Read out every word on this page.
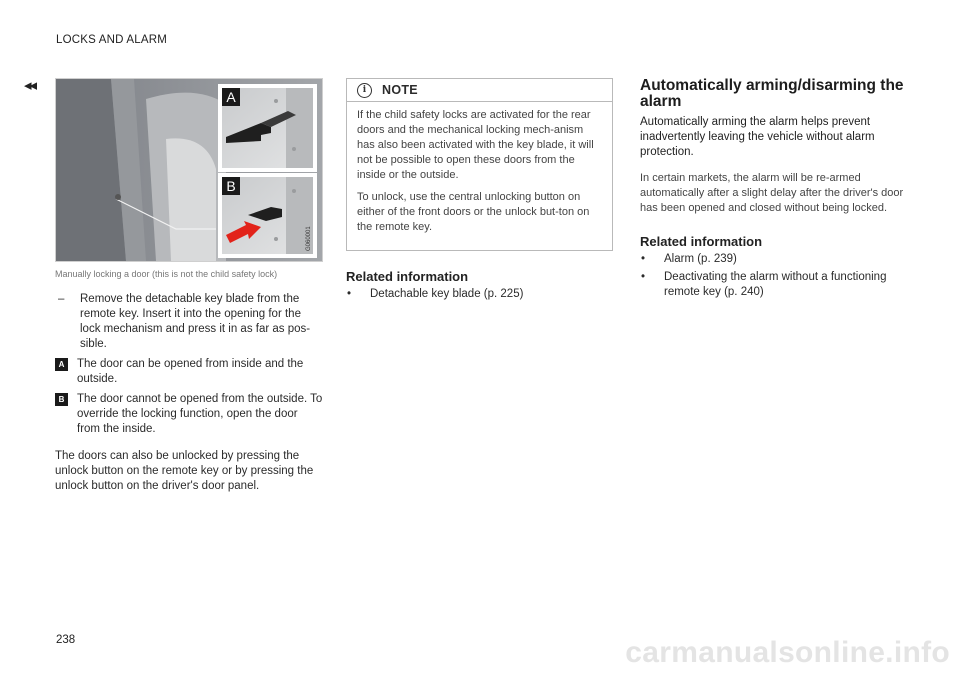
LOCKS AND ALARM
◂◂
A
B
G060001
Manually locking a door (this is not the child safety lock)
–	Remove the detachable key blade from the remote key. Insert it into the opening for the lock mechanism and press it in as far as pos-sible.
A	The door can be opened from inside and the outside.
B	The door cannot be opened from the outside. To override the locking function, open the door from the inside.
The doors can also be unlocked by pressing the unlock button on the remote key or by pressing the unlock button on the driver's door panel.
i	NOTE
If the child safety locks are activated for the rear doors and the mechanical locking mech-anism has also been activated with the key blade, it will not be possible to open these doors from the inside or the outside.
To unlock, use the central unlocking button on either of the front doors or the unlock but-ton on the remote key.
Related information
•	Detachable key blade (p. 225)
Automatically arming/disarming the alarm
Automatically arming the alarm helps prevent inadvertently leaving the vehicle without alarm protection.
In certain markets, the alarm will be re-armed automatically after a slight delay after the driver's door has been opened and closed without being locked.
Related information
•	Alarm (p. 239)
•	Deactivating the alarm without a functioning remote key (p. 240)
238	carmanualsonline.info
